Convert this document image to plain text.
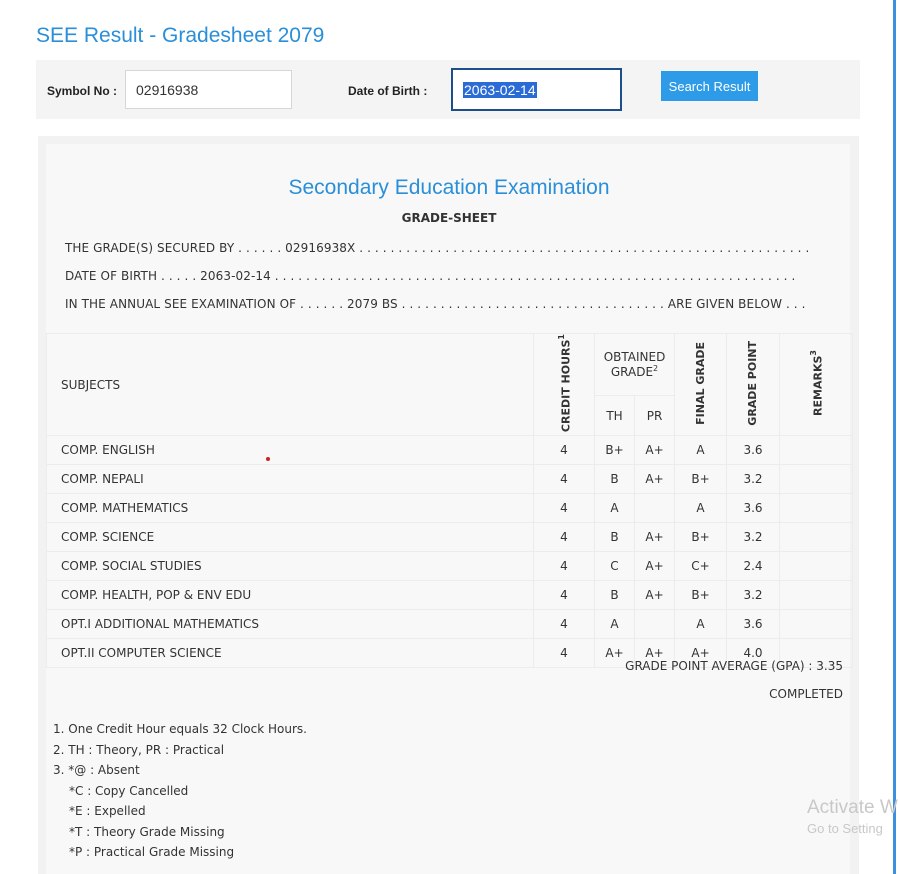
SEE Result - Gradesheet 2079
Symbol No : 02916938	Date of Birth :	2063-02-14	Search Result
Secondary Education Examination
GRADE-SHEET
THE GRADE(S) SECURED BY . . . . . . 02916938X . . . . . . . . . . . . . . . . . . . . . . . . . . . . . . . . . . . . . . . . . . . . . . . . . . . . . . . . . .
DATE OF BIRTH . . . . . 2063-02-14 . . . . . . . . . . . . . . . . . . . . . . . . . . . . . . . . . . . . . . . . . . . . . . . . . . . . . . . . . . . . . . . . . . .
IN THE ANNUAL SEE EXAMINATION OF . . . . . . 2079 BS . . . . . . . . . . . . . . . . . . . . . . . . . . . . . . . . . . ARE GIVEN BELOW . . .
SUBJECTS	CREDIT HOURS$^1$	OBTAINED GRADE$^2$		FINAL GRADE	GRADE POINT	REMARKS$^3$
		TH	PR			
COMP. ENGLISH	4	B+	A+	A	3.6	
COMP. NEPALI	4	B	A+	B+	3.2	
COMP. MATHEMATICS	4	A		A	3.6	
COMP. SCIENCE	4	B	A+	B+	3.2	
COMP. SOCIAL STUDIES	4	C	A+	C+	2.4	
COMP. HEALTH, POP & ENV EDU	4	B	A+	B+	3.2	
OPT.I ADDITIONAL MATHEMATICS	4	A		A	3.6	
OPT.II COMPUTER SCIENCE	4	A+	A+	A+	4.0	
GRADE POINT AVERAGE (GPA) : 3.35
COMPLETED
1. One Credit Hour equals 32 Clock Hours.
2. TH : Theory, PR : Practical
3. *@ : Absent
*C : Copy Cancelled
*E : Expelled
*T : Theory Grade Missing
*P : Practical Grade Missing
Activate W
Go to Setting
